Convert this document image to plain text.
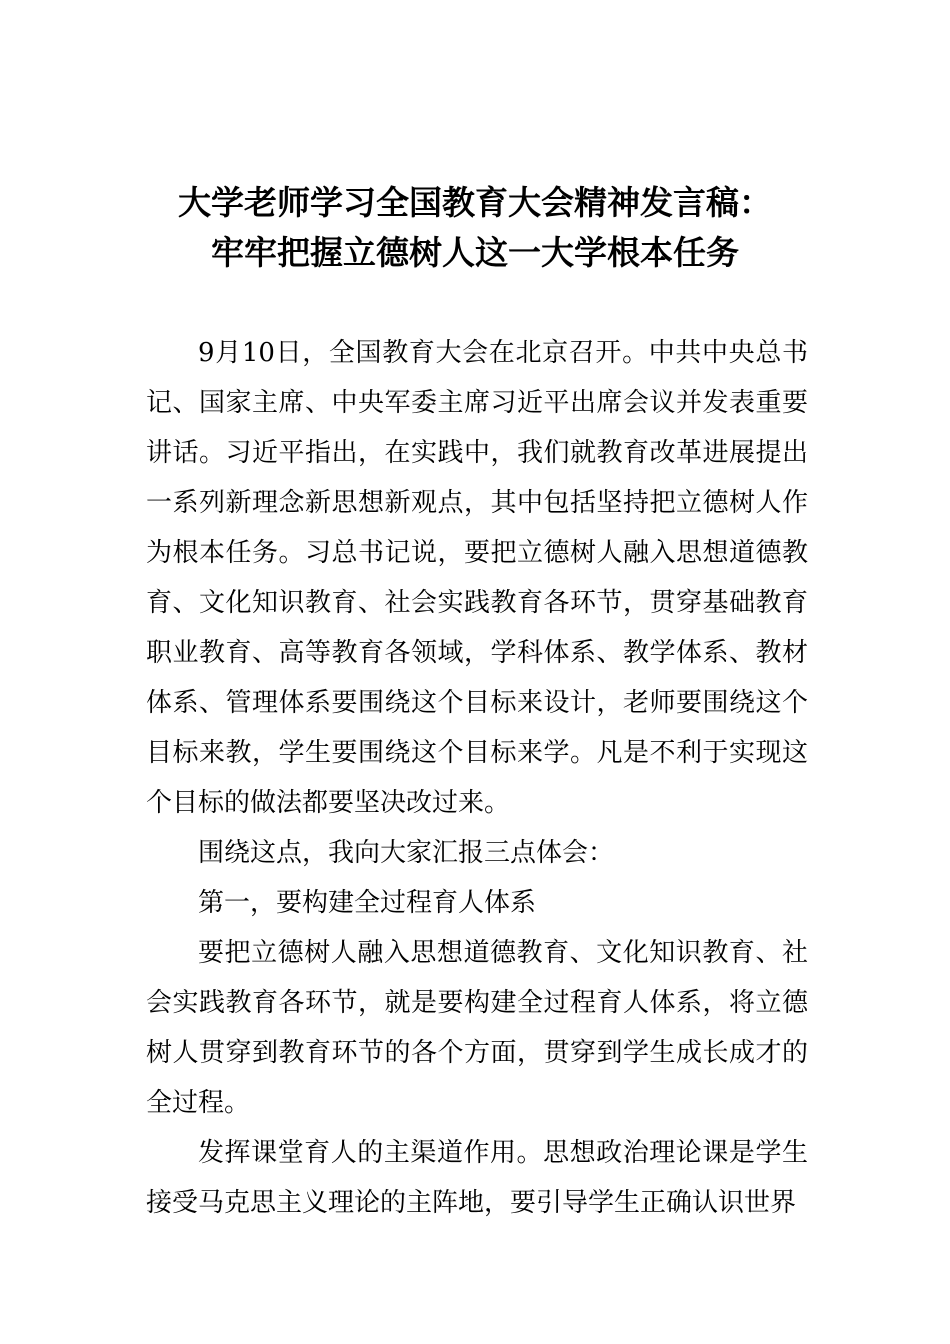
大学老师学习全国教育大会精神发言稿：
牢牢把握立德树人这一大学根本任务

9月10日，全国教育大会在北京召开。中共中央总书记、国家主席、中央军委主席习近平出席会议并发表重要讲话。习近平指出，在实践中，我们就教育改革进展提出一系列新理念新思想新观点，其中包括坚持把立德树人作为根本任务。习总书记说，要把立德树人融入思想道德教育、文化知识教育、社会实践教育各环节，贯穿基础教育职业教育、高等教育各领域，学科体系、教学体系、教材体系、管理体系要围绕这个目标来设计，老师要围绕这个目标来教，学生要围绕这个目标来学。凡是不利于实现这个目标的做法都要坚决改过来。

围绕这点，我向大家汇报三点体会：

第一，要构建全过程育人体系

要把立德树人融入思想道德教育、文化知识教育、社会实践教育各环节，就是要构建全过程育人体系，将立德树人贯穿到教育环节的各个方面，贯穿到学生成长成才的全过程。

发挥课堂育人的主渠道作用。思想政治理论课是学生接受马克思主义理论的主阵地，要引导学生正确认识世界
